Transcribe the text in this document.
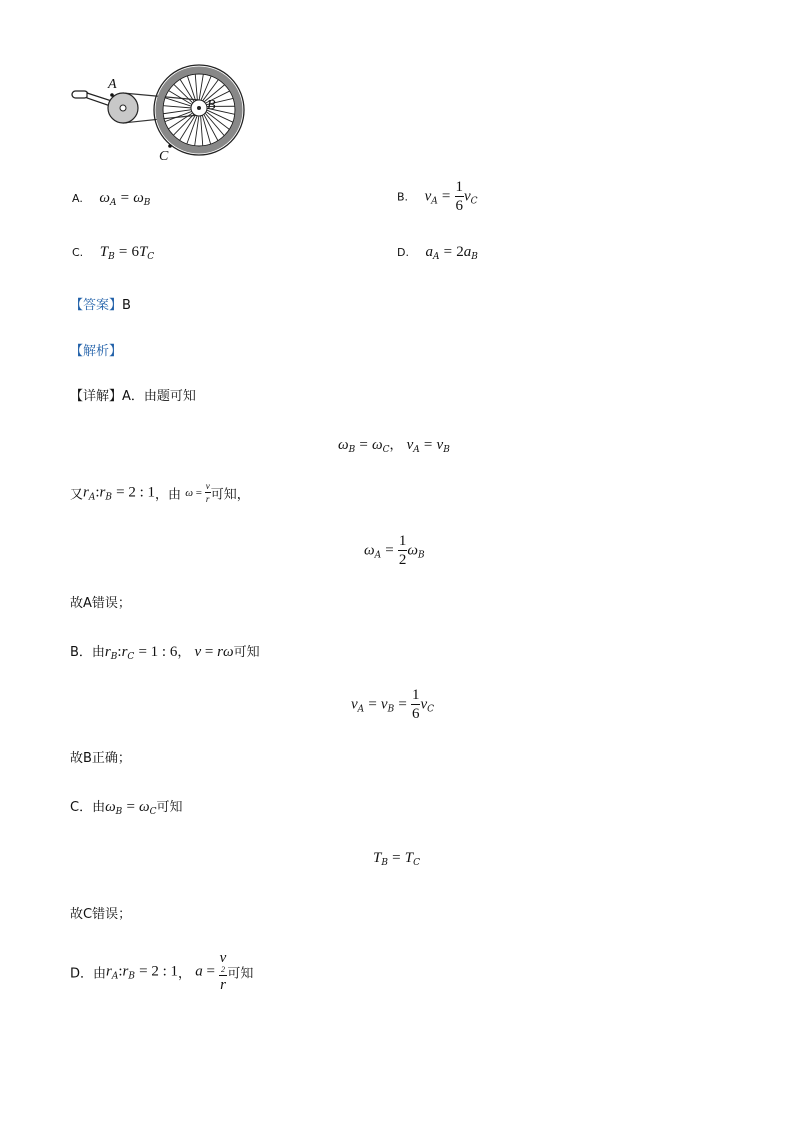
A
B
C
A. $\omega_A = \omega_B$	B. $v_A = \frac{1}{6} v_C$
C. $T_B = 6T_C$	D. $a_A = 2a_B$
【答案】B
【解析】
【详解】A．由题可知
$\omega_B = \omega_C$， $v_A = v_B$
又$r_A:r_B = 2$ : 1，由 $\omega = \frac{v}{r}$ 可知，
$\omega_A = \frac{1}{2} \omega_B$
故A错误；
B．由$r_B:r_C = 1$ : 6， v = rω可知
$v_A = v_B = \frac{1}{6} v_C$
故B正确；
C．由$\omega_B = \omega_C$可知
$T_B = T_C$
故C错误；
D．由$r_A:r_B = 2$ : 1， a = v
2
r 可知
